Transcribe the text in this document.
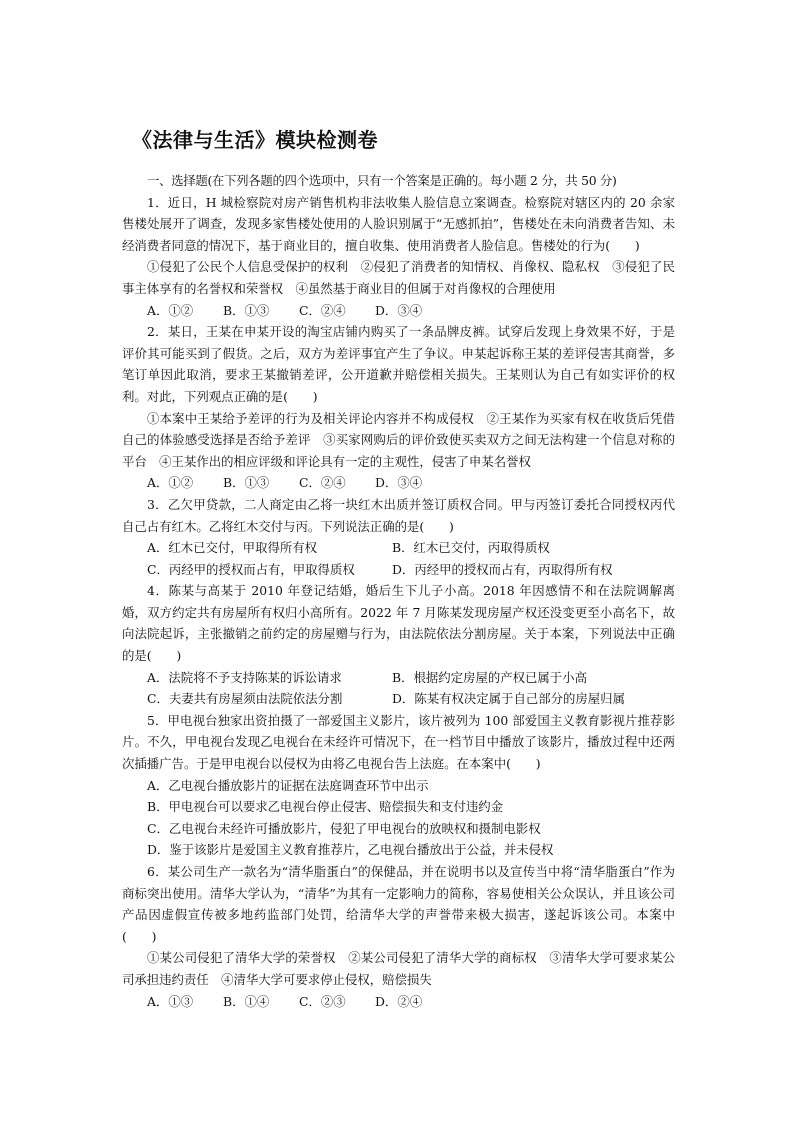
《法律与生活》模块检测卷

一、选择题(在下列各题的四个选项中，只有一个答案是正确的。每小题 2 分，共 50 分)

1．近日，H 城检察院对房产销售机构非法收集人脸信息立案调查。检察院对辖区内的 20 余家售楼处展开了调查，发现多家售楼处使用的人脸识别属于“无感抓拍”，售楼处在未向消费者告知、未经消费者同意的情况下，基于商业目的，擅自收集、使用消费者人脸信息。售楼处的行为(　　)

①侵犯了公民个人信息受保护的权利　②侵犯了消费者的知情权、肖像权、隐私权　③侵犯了民事主体享有的名誉权和荣誉权　④虽然基于商业目的但属于对肖像权的合理使用

A．①② B．①③ C．②④ D．③④

2．某日，王某在申某开设的淘宝店铺内购买了一条品牌皮裤。试穿后发现上身效果不好，于是评价其可能买到了假货。之后，双方为差评事宜产生了争议。申某起诉称王某的差评侵害其商誉，多笔订单因此取消，要求王某撤销差评，公开道歉并赔偿相关损失。王某则认为自己有如实评价的权利。对此，下列观点正确的是(　　)

①本案中王某给予差评的行为及相关评论内容并不构成侵权　②王某作为买家有权在收货后凭借自己的体验感受选择是否给予差评　③买家网购后的评价致使买卖双方之间无法构建一个信息对称的平台　④王某作出的相应评级和评论具有一定的主观性，侵害了申某名誉权

A．①② B．①③ C．②④ D．③④

3．乙欠甲贷款，二人商定由乙将一块红木出质并签订质权合同。甲与丙签订委托合同授权丙代自己占有红木。乙将红木交付与丙。下列说法正确的是(　　)

A．红木已交付，甲取得所有权	B．红木已交付，丙取得质权
C．丙经甲的授权而占有，甲取得质权	D．丙经甲的授权而占有，丙取得所有权

4．陈某与高某于 2010 年登记结婚，婚后生下儿子小高。2018 年因感情不和在法院调解离婚，双方约定共有房屋所有权归小高所有。2022 年 7 月陈某发现房屋产权还没变更至小高名下，故向法院起诉，主张撤销之前约定的房屋赠与行为，由法院依法分割房屋。关于本案，下列说法中正确的是(　　)

A．法院将不予支持陈某的诉讼请求	B．根据约定房屋的产权已属于小高
C．夫妻共有房屋须由法院依法分割	D．陈某有权决定属于自己部分的房屋归属

5．甲电视台独家出资拍摄了一部爱国主义影片，该片被列为 100 部爱国主义教育影视片推荐影片。不久，甲电视台发现乙电视台在未经许可情况下，在一档节目中播放了该影片，播放过程中还两次插播广告。于是甲电视台以侵权为由将乙电视台告上法庭。在本案中(　　)

A．乙电视台播放影片的证据在法庭调查环节中出示

B．甲电视台可以要求乙电视台停止侵害、赔偿损失和支付违约金

C．乙电视台未经许可播放影片，侵犯了甲电视台的放映权和摄制电影权

D．鉴于该影片是爱国主义教育推荐片，乙电视台播放出于公益，并未侵权

6．某公司生产一款名为“清华脂蛋白”的保健品，并在说明书以及宣传当中将“清华脂蛋白”作为商标突出使用。清华大学认为，“清华”为其有一定影响力的简称，容易使相关公众误认，并且该公司产品因虚假宣传被多地药监部门处罚，给清华大学的声誉带来极大损害，遂起诉该公司。本案中(　　)

①某公司侵犯了清华大学的荣誉权　②某公司侵犯了清华大学的商标权　③清华大学可要求某公司承担违约责任　④清华大学可要求停止侵权，赔偿损失

A．①③ B．①④ C．②③ D．②④
